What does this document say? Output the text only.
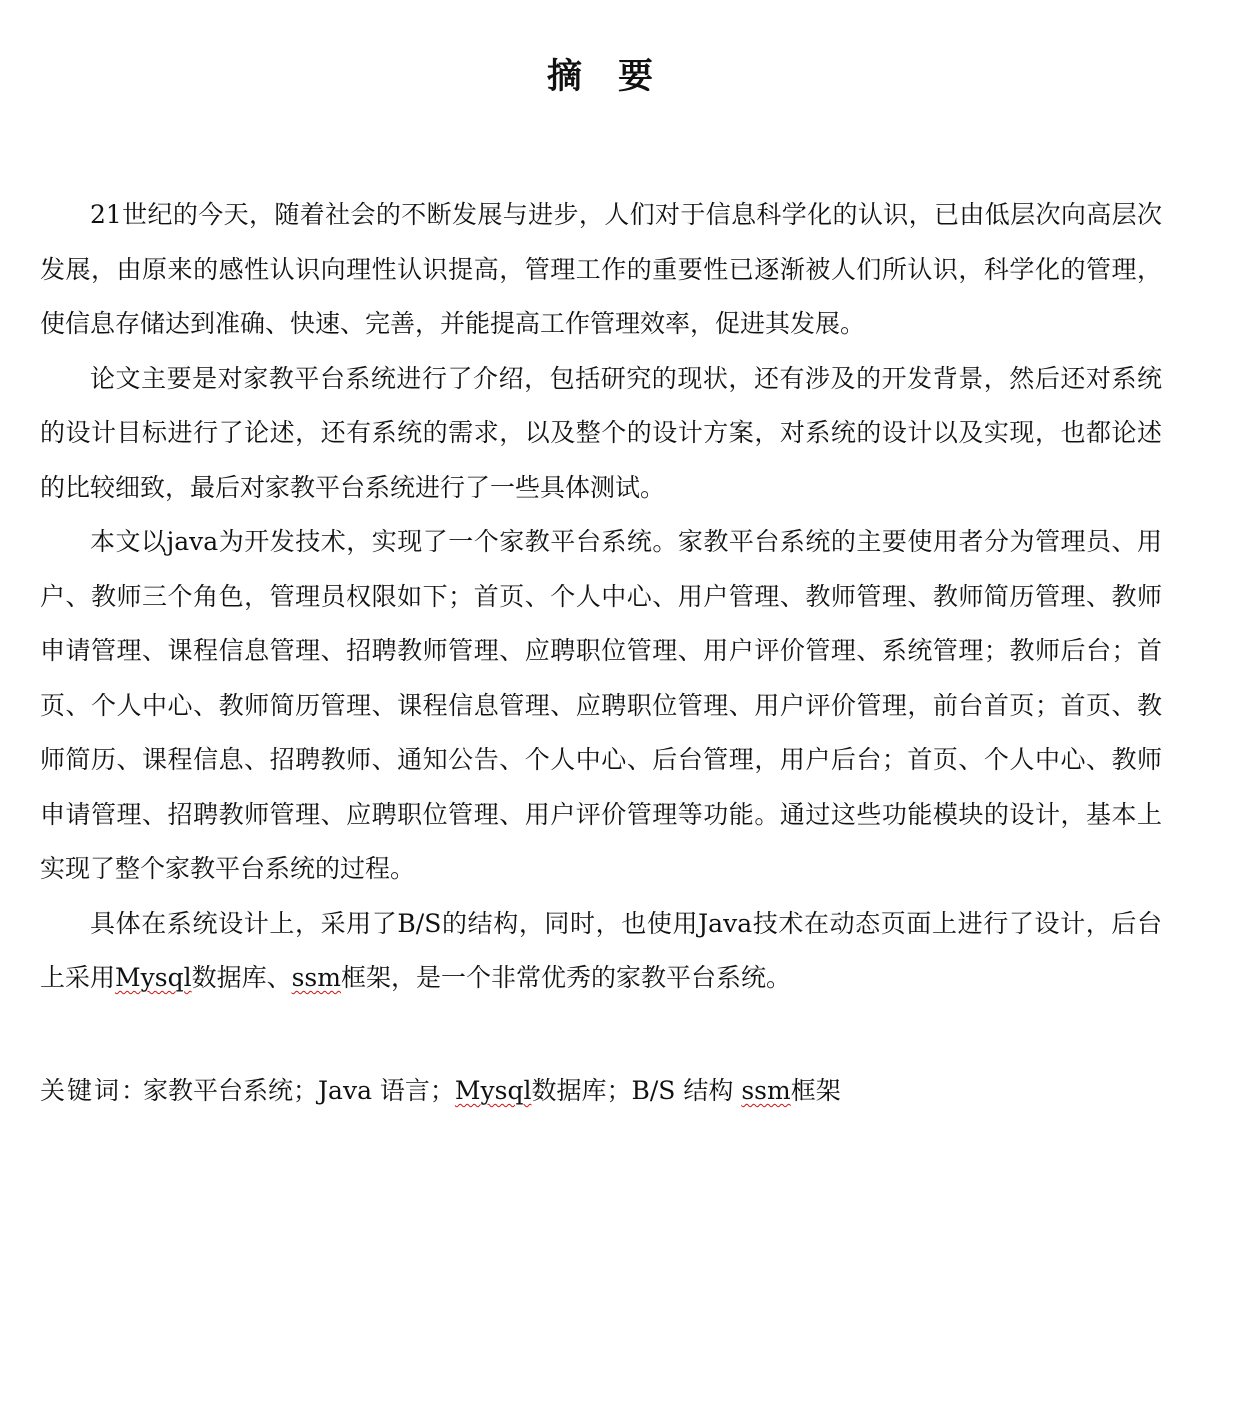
摘 要

21世纪的今天，随着社会的不断发展与进步，人们对于信息科学化的认识，已由低层次向高层次发展，由原来的感性认识向理性认识提高，管理工作的重要性已逐渐被人们所认识，科学化的管理，使信息存储达到准确、快速、完善，并能提高工作管理效率，促进其发展。

论文主要是对家教平台系统进行了介绍，包括研究的现状，还有涉及的开发背景，然后还对系统的设计目标进行了论述，还有系统的需求，以及整个的设计方案，对系统的设计以及实现，也都论述的比较细致，最后对家教平台系统进行了一些具体测试。

本文以java为开发技术，实现了一个家教平台系统。家教平台系统的主要使用者分为管理员、用户、教师三个角色，管理员权限如下；首页、个人中心、用户管理、教师管理、教师简历管理、教师申请管理、课程信息管理、招聘教师管理、应聘职位管理、用户评价管理、系统管理；教师后台；首页、个人中心、教师简历管理、课程信息管理、应聘职位管理、用户评价管理，前台首页；首页、教师简历、课程信息、招聘教师、通知公告、个人中心、后台管理，用户后台；首页、个人中心、教师申请管理、招聘教师管理、应聘职位管理、用户评价管理等功能。通过这些功能模块的设计，基本上实现了整个家教平台系统的过程。

具体在系统设计上，采用了B/S的结构，同时，也使用Java技术在动态页面上进行了设计，后台上采用Mysql数据库、ssm框架，是一个非常优秀的家教平台系统。

关键词：家教平台系统；Java 语言；Mysql数据库；B/S 结构 ssm框架
